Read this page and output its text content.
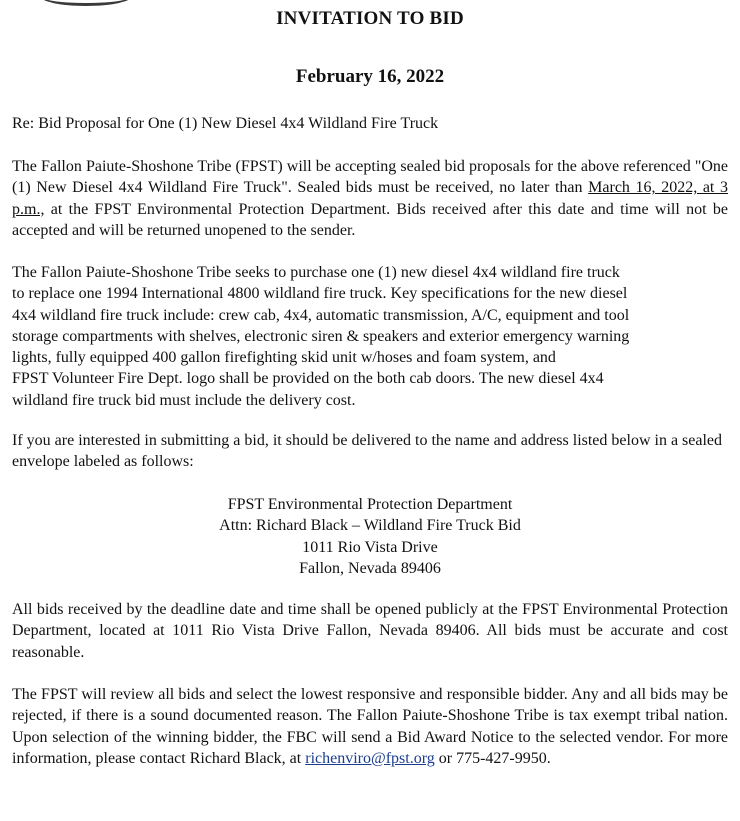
INVITATION TO BID
February 16, 2022
Re: Bid Proposal for One (1) New Diesel 4x4 Wildland Fire Truck
The Fallon Paiute-Shoshone Tribe (FPST) will be accepting sealed bid proposals for the above referenced "One (1) New Diesel 4x4 Wildland Fire Truck". Sealed bids must be received, no later than March 16, 2022, at 3 p.m., at the FPST Environmental Protection Department. Bids received after this date and time will not be accepted and will be returned unopened to the sender.
The Fallon Paiute-Shoshone Tribe seeks to purchase one (1) new diesel 4x4 wildland fire truck
to replace one 1994 International 4800 wildland fire truck. Key specifications for the new diesel
4x4 wildland fire truck include: crew cab, 4x4, automatic transmission, A/C, equipment and tool
storage compartments with shelves, electronic siren & speakers and exterior emergency warning
lights, fully equipped 400 gallon firefighting skid unit w/hoses and foam system, and
FPST Volunteer Fire Dept. logo shall be provided on the both cab doors. The new diesel 4x4
wildland fire truck bid must include the delivery cost.
If you are interested in submitting a bid, it should be delivered to the name and address listed below in a sealed envelope labeled as follows:
FPST Environmental Protection Department
Attn: Richard Black – Wildland Fire Truck Bid
1011 Rio Vista Drive
Fallon, Nevada 89406
All bids received by the deadline date and time shall be opened publicly at the FPST Environmental Protection Department, located at 1011 Rio Vista Drive Fallon, Nevada 89406. All bids must be accurate and cost reasonable.
The FPST will review all bids and select the lowest responsive and responsible bidder. Any and all bids may be rejected, if there is a sound documented reason. The Fallon Paiute-Shoshone Tribe is tax exempt tribal nation. Upon selection of the winning bidder, the FBC will send a Bid Award Notice to the selected vendor. For more information, please contact Richard Black, at richenviro@fpst.org or 775-427-9950.
